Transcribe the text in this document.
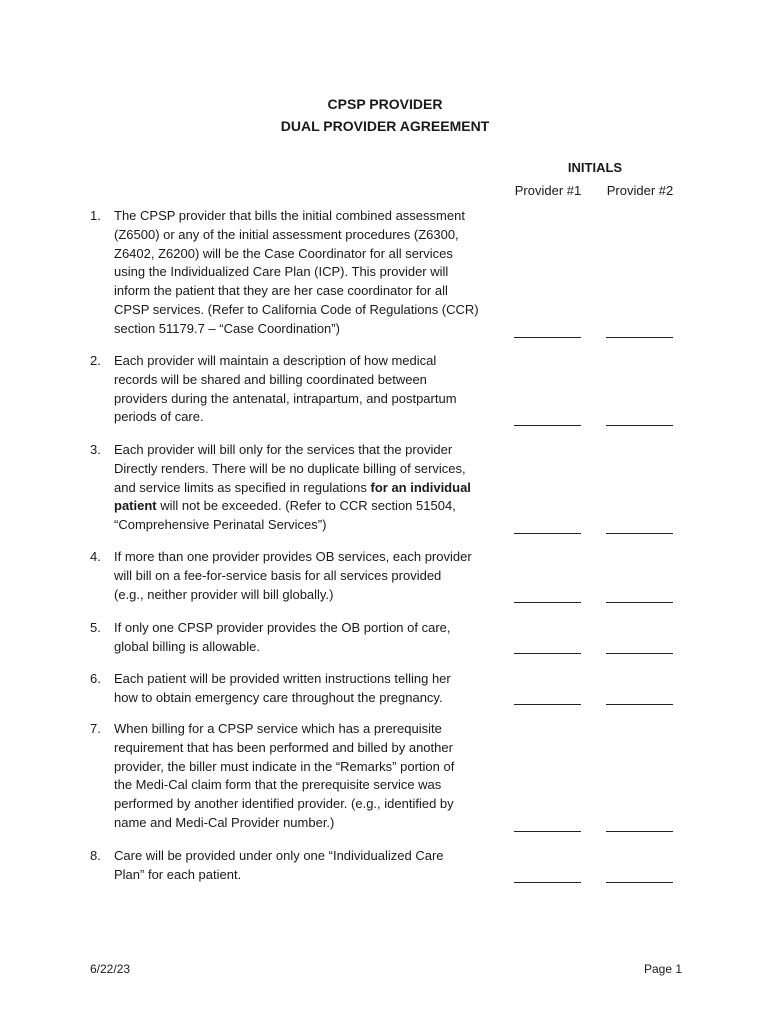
CPSP PROVIDER
DUAL PROVIDER AGREEMENT
INITIALS
Provider #1	Provider #2
1.	The CPSP provider that bills the initial combined assessment
(Z6500) or any of the initial assessment procedures (Z6300,
Z6402, Z6200) will be the Case Coordinator for all services
using the Individualized Care Plan (ICP). This provider will
inform the patient that they are her case coordinator for all
CPSP services. (Refer to California Code of Regulations (CCR)
section 51179.7 – “Case Coordination”)
2.	Each provider will maintain a description of how medical
records will be shared and billing coordinated between
providers during the antenatal, intrapartum, and postpartum
periods of care.
3.	Each provider will bill only for the services that the provider
Directly renders. There will be no duplicate billing of services,
and service limits as specified in regulations for an individual
patient will not be exceeded. (Refer to CCR section 51504,
“Comprehensive Perinatal Services”)
4.	If more than one provider provides OB services, each provider
will bill on a fee-for-service basis for all services provided
(e.g., neither provider will bill globally.)
5.	If only one CPSP provider provides the OB portion of care,
global billing is allowable.
6.	Each patient will be provided written instructions telling her
how to obtain emergency care throughout the pregnancy.
7.	When billing for a CPSP service which has a prerequisite
requirement that has been performed and billed by another
provider, the biller must indicate in the “Remarks” portion of
the Medi-Cal claim form that the prerequisite service was
performed by another identified provider. (e.g., identified by
name and Medi-Cal Provider number.)
8.	Care will be provided under only one “Individualized Care
Plan” for each patient.
6/22/23	Page 1
